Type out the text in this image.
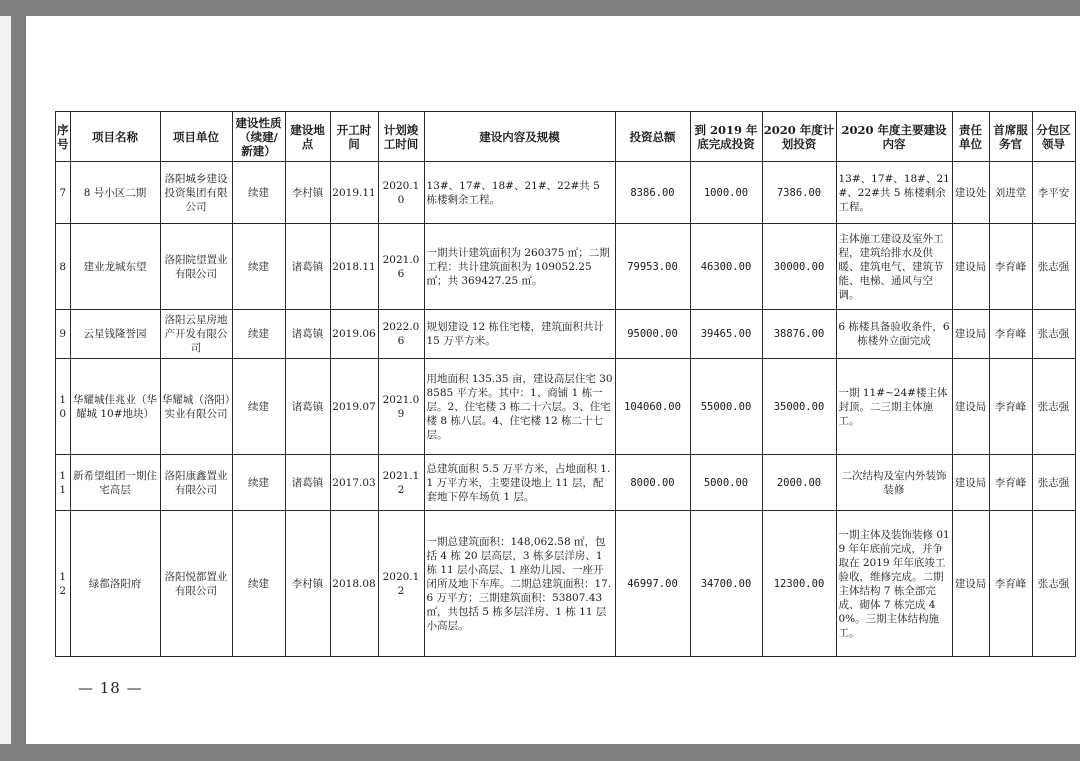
序号	项目名称	项目单位	建设性质（续建/新建）	建设地点	开工时间	计划竣工时间	建设内容及规模	投资总额	到 2019 年底完成投资	2020 年度计划投资	2020 年度主要建设内容	责任单位	首席服务官	分包区领导
7	8 号小区二期	洛阳城乡建设投资集团有限公司	续建	李村镇	2019.11	2020.10	13#、17#、18#、21#、22#共 5 栋楼剩余工程。	8386.00	1000.00	7386.00	13#、17#、18#、21#、22#共 5 栋楼剩余工程。	建设处	刘进堂	李平安
8	建业龙城东望	洛阳院望置业有限公司	续建	诸葛镇	2018.11	2021.06	一期共计建筑面积为 260375 ㎡；二期工程：共计建筑面积为 109052.25 ㎡；共 369427.25 ㎡。	79953.00	46300.00	30000.00	主体施工建设及室外工程，建筑给排水及供暖、建筑电气、建筑节能、电梯、通风与空调。	建设局	李育峰	张志强
9	云星钱隆誉园	洛阳云星房地产开发有限公司	续建	诸葛镇	2019.06	2022.06	规划建设 12 栋住宅楼，建筑面积共计 15 万平方米。	95000.00	39465.00	38876.00	6 栋楼具备验收条件，6 栋楼外立面完成	建设局	李育峰	张志强
10	华耀城佳兆业（华耀城 10#地块）	华耀城（洛阳）实业有限公司	续建	诸葛镇	2019.07	2021.09	用地面积 135.35 亩，建设高层住宅 308585 平方米。其中：1、商铺 1 栋一层。2、住宅楼 3 栋二十六层。3、住宅楼 8 栋八层。4、住宅楼 12 栋二十七层。	104060.00	55000.00	35000.00	一期 11#~24#楼主体封顶。二三期主体施工。	建设局	李育峰	张志强
11	新希望组团一期住宅高层	洛阳康鑫置业有限公司	续建	诸葛镇	2017.03	2021.12	总建筑面积 5.5 万平方米，占地面积 1.1 万平方米，主要建设地上 11 层，配套地下停车场负 1 层。	8000.00	5000.00	2000.00	二次结构及室内外装饰装修	建设局	李育峰	张志强
12	绿都洛阳府	洛阳悦都置业有限公司	续建	李村镇	2018.08	2020.12	一期总建筑面积：148,062.58 ㎡，包括 4 栋 20 层高层，3 栋多层洋房、1 栋 11 层小高层、1 座幼儿园、一座开闭所及地下车库。二期总建筑面积：17.6 万平方；三期建筑面积：53807.43 ㎡，共包括 5 栋多层洋房、1 栋 11 层小高层。	46997.00	34700.00	12300.00	一期主体及装饰装修 019 年年底前完成，并争取在 2019 年年底竣工验收，维修完成。二期主体结构 7 栋全部完成、砌体 7 栋完成 40%。三期主体结构施工。	建设局	李育峰	张志强
— 18 —
